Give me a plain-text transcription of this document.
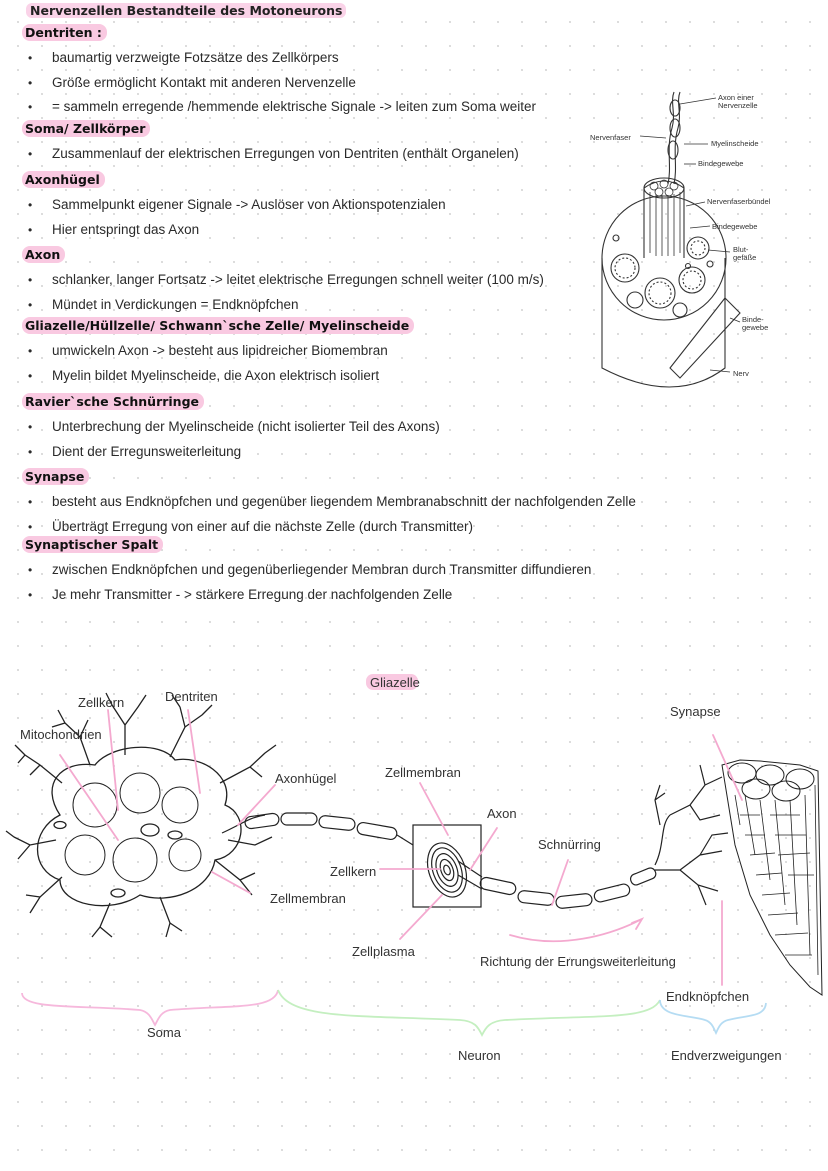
Nervenzellen Bestandteile des Motoneurons
Dentriten :
• baumartig verzweigte Fotzsätze des Zellkörpers
• Größe ermöglicht Kontakt mit anderen Nervenzelle
• = sammeln erregende /hemmende elektrische Signale -> leiten zum Soma weiter
Soma/ Zellkörper
• Zusammenlauf der elektrischen Erregungen von Dentriten (enthält Organelen)
Axonhügel
• Sammelpunkt eigener Signale -> Auslöser von Aktionspotenzialen
• Hier entspringt das Axon
Axon
• schlanker, langer Fortsatz -> leitet elektrische Erregungen schnell weiter (100 m/s)
• Mündet in Verdickungen = Endknöpfchen
Gliazelle/Hüllzelle/ Schwann`sche Zelle/ Myelinscheide
• umwickeln Axon -> besteht aus lipidreicher Biomembran
• Myelin bildet Myelinscheide, die Axon elektrisch isoliert
Ravier`sche Schnürringe
• Unterbrechung der Myelinscheide (nicht isolierter Teil des Axons)
• Dient der Erregunsweiterleitung
Synapse
• besteht aus Endknöpfchen und gegenüber liegendem Membranabschnitt der nachfolgenden Zelle
• Überträgt Erregung von einer auf die nächste Zelle (durch Transmitter)
Synaptischer Spalt
• zwischen Endknöpfchen und gegenüberliegender Membran durch Transmitter diffundieren
• Je mehr Transmitter - > stärkere Erregung der nachfolgenden Zelle
Axon einer
Nervenzelle
Nervenfaser
Myelinscheide
Bindegewebe
Nervenfaserbündel
Bindegewebe
Blut-
gefäße
Binde-
gewebe
Nerv
Gliazelle
Zellkern	Dentriten
Mitochondrien
Axonhügel	Zellmembran
Axon
Synapse
Schnürring
Zellkern
Zellmembran
Zellplasma
Richtung der Errungsweiterleitung
Endknöpfchen
Soma
Neuron	Endverzweigungen
